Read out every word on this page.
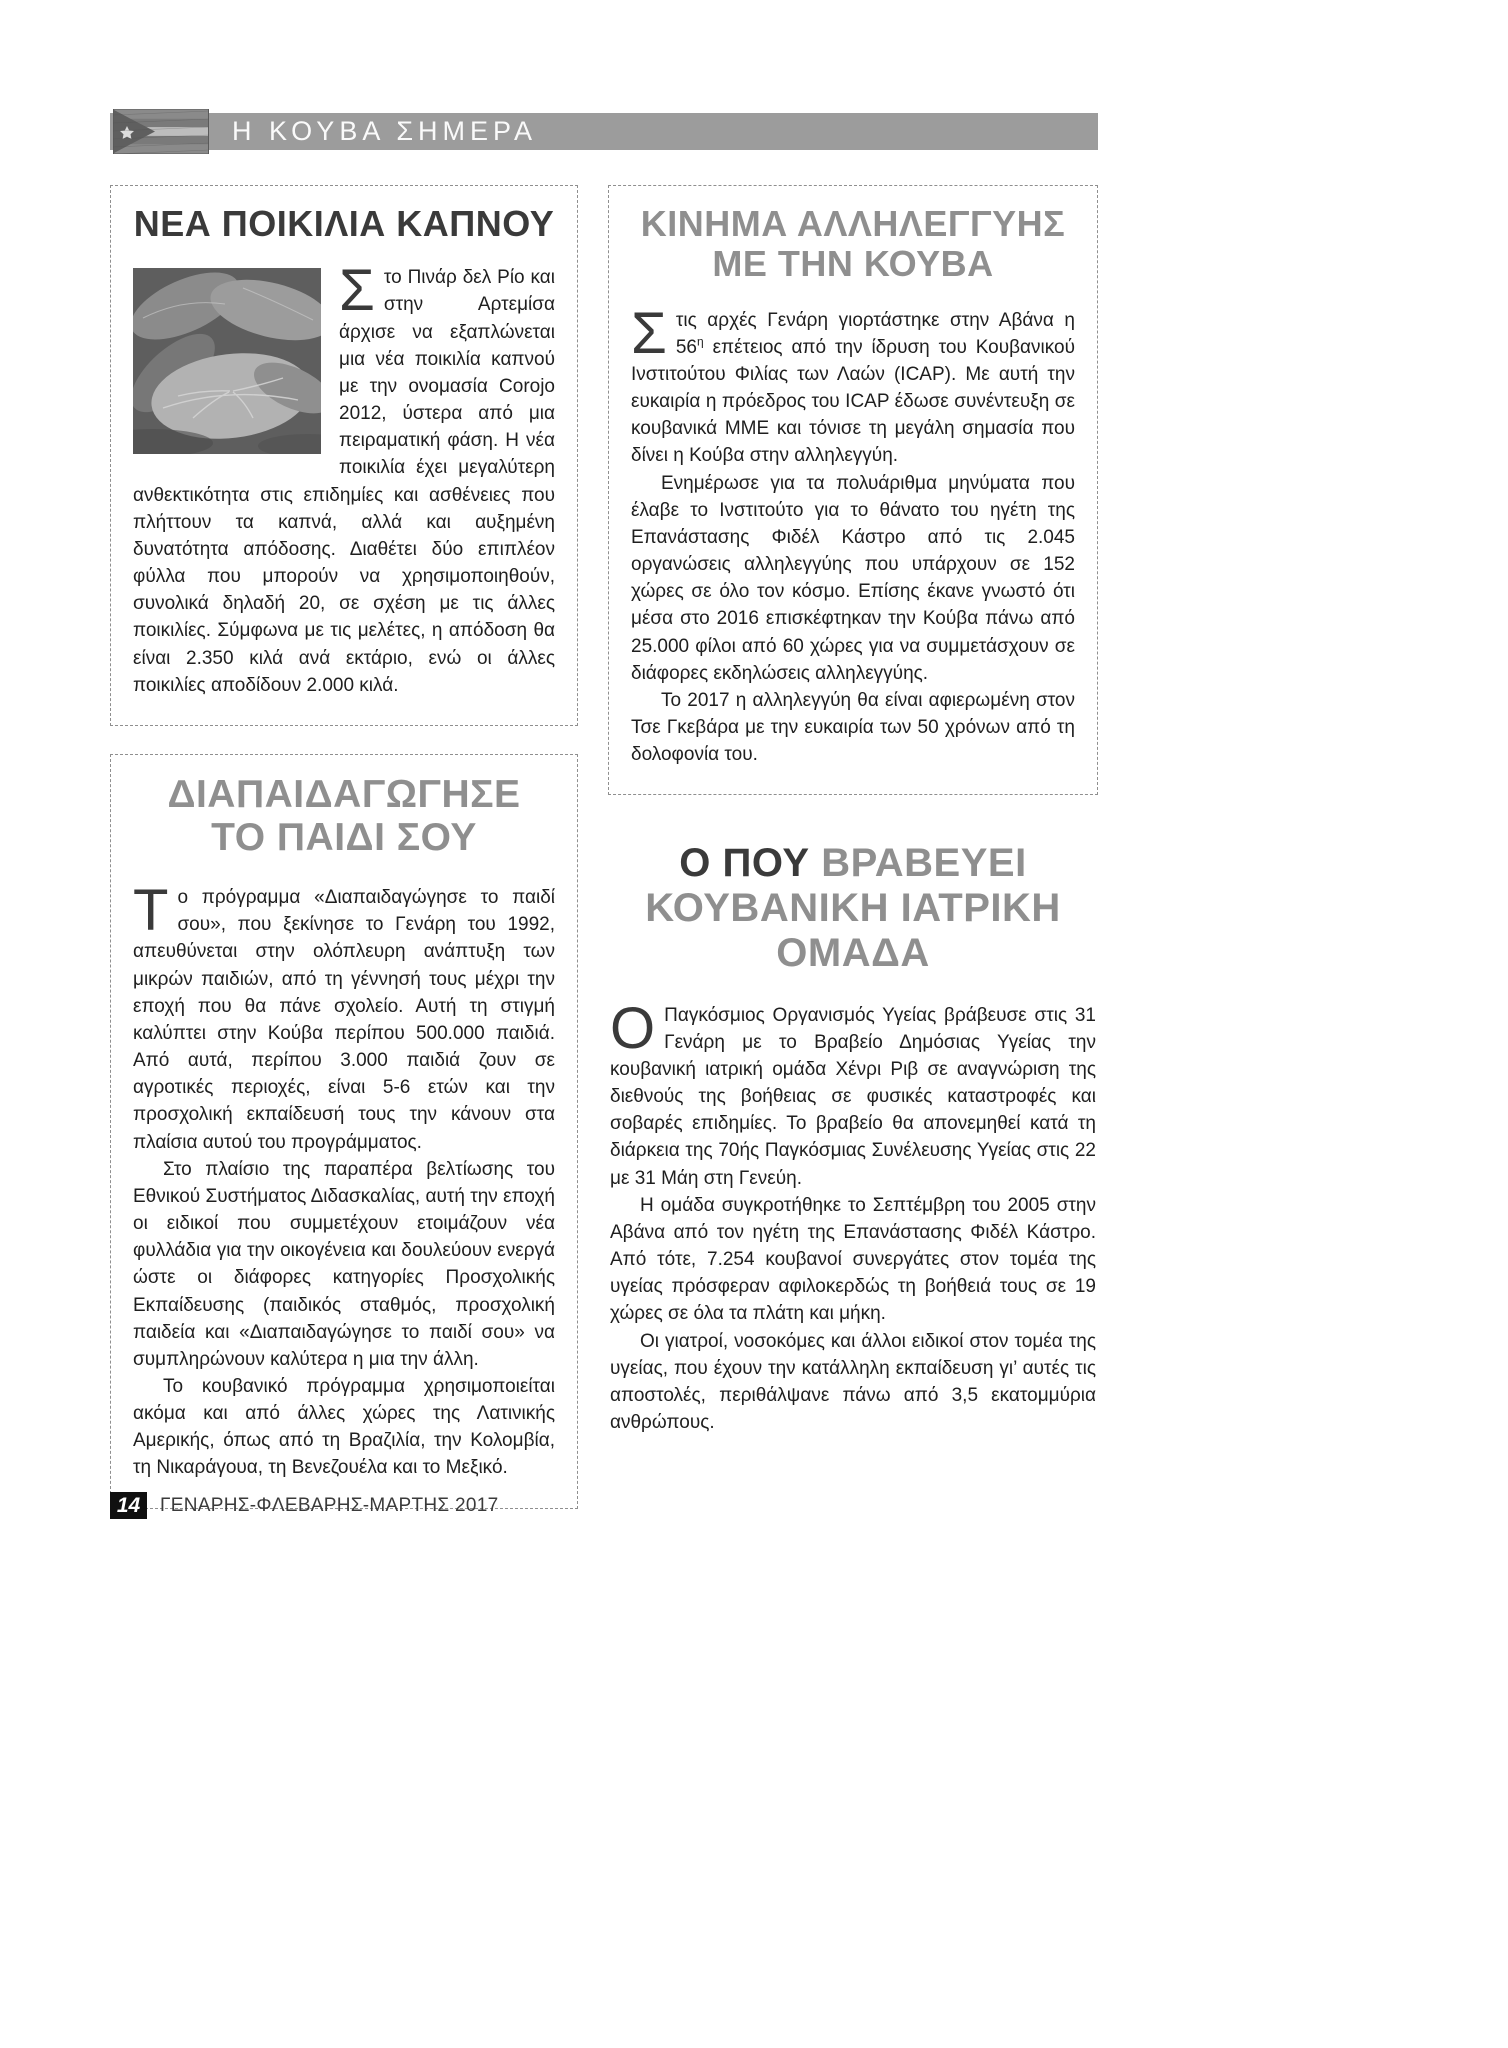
Η ΚΟΥΒΑ ΣΗΜΕΡΑ
ΝΕΑ ΠΟΙΚΙΛΙΑ ΚΑΠΝΟΥ

Στο Πινάρ δελ Ρίο και στην Αρτεμίσα άρχισε να εξαπλώνεται μια νέα ποικιλία καπνού με την ονομασία Corojo 2012, ύστερα από μια πειραματική φάση. Η νέα ποικιλία έχει μεγαλύτερη ανθεκτικότητα στις επιδημίες και ασθένειες που πλήττουν τα καπνά, αλλά και αυξημένη δυνατότητα απόδοσης. Διαθέτει δύο επιπλέον φύλλα που μπορούν να χρησιμοποιηθούν, συνολικά δηλαδή 20, σε σχέση με τις άλλες ποικιλίες. Σύμφωνα με τις μελέτες, η απόδοση θα είναι 2.350 κιλά ανά εκτάριο, ενώ οι άλλες ποικιλίες αποδίδουν 2.000 κιλά.

ΔΙΑΠΑΙΔΑΓΩΓΗΣΕ
ΤΟ ΠΑΙΔΙ ΣΟΥ

Το πρόγραμμα «Διαπαιδαγώγησε το παιδί σου», που ξεκίνησε το Γενάρη του 1992, απευθύνεται στην ολόπλευρη ανάπτυξη των μικρών παιδιών, από τη γέννησή τους μέχρι την εποχή που θα πάνε σχολείο. Αυτή τη στιγμή καλύπτει στην Κούβα περίπου 500.000 παιδιά. Από αυτά, περίπου 3.000 παιδιά ζουν σε αγροτικές περιοχές, είναι 5-6 ετών και την προσχολική εκπαίδευσή τους την κάνουν στα πλαίσια αυτού του προγράμματος.

Στο πλαίσιο της παραπέρα βελτίωσης του Εθνικού Συστήματος Διδασκαλίας, αυτή την εποχή οι ειδικοί που συμμετέχουν ετοιμάζουν νέα φυλλάδια για την οικογένεια και δουλεύουν ενεργά ώστε οι διάφορες κατηγορίες Προσχολικής Εκπαίδευσης (παιδικός σταθμός, προσχολική παιδεία και «Διαπαιδαγώγησε το παιδί σου» να συμπληρώνουν καλύτερα η μια την άλλη.

Το κουβανικό πρόγραμμα χρησιμοποιείται ακόμα και από άλλες χώρες της Λατινικής Αμερικής, όπως από τη Βραζιλία, την Κολομβία, τη Νικαράγουα, τη Βενεζουέλα και το Μεξικό.

ΚΙΝΗΜΑ ΑΛΛΗΛΕΓΓΥΗΣ
ΜΕ ΤΗΝ ΚΟΥΒΑ

Στις αρχές Γενάρη γιορτάστηκε στην Αβάνα η 56$^\eta$ επέτειος από την ίδρυση του Κουβανικού Ινστιτούτου Φιλίας των Λαών (ICAP). Με αυτή την ευκαιρία η πρόεδρος του ICAP έδωσε συνέντευξη σε κουβανικά ΜΜΕ και τόνισε τη μεγάλη σημασία που δίνει η Κούβα στην αλληλεγγύη.

Ενημέρωσε για τα πολυάριθμα μηνύματα που έλαβε το Ινστιτούτο για το θάνατο του ηγέτη της Επανάστασης Φιδέλ Κάστρο από τις 2.045 οργανώσεις αλληλεγγύης που υπάρχουν σε 152 χώρες σε όλο τον κόσμο. Επίσης έκανε γνωστό ότι μέσα στο 2016 επισκέφτηκαν την Κούβα πάνω από 25.000 φίλοι από 60 χώρες για να συμμετάσχουν σε διάφορες εκδηλώσεις αλληλεγγύης.

Το 2017 η αλληλεγγύη θα είναι αφιερωμένη στον Τσε Γκεβάρα με την ευκαιρία των 50 χρόνων από τη δολοφονία του.

Ο ΠΟΥ ΒΡΑΒΕΥΕΙ ΚΟΥΒΑΝΙΚΗ ΙΑΤΡΙΚΗ ΟΜΑΔΑ

Ο Παγκόσμιος Οργανισμός Υγείας βράβευσε στις 31 Γενάρη με το Βραβείο Δημόσιας Υγείας την κουβανική ιατρική ομάδα Χένρι Ριβ σε αναγνώριση της διεθνούς της βοήθειας σε φυσικές καταστροφές και σοβαρές επιδημίες. Το βραβείο θα απονεμηθεί κατά τη διάρκεια της 70ής Παγκόσμιας Συνέλευσης Υγείας στις 22 με 31 Μάη στη Γενεύη.

Η ομάδα συγκροτήθηκε το Σεπτέμβρη του 2005 στην Αβάνα από τον ηγέτη της Επανάστασης Φιδέλ Κάστρο. Από τότε, 7.254 κουβανοί συνεργάτες στον τομέα της υγείας πρόσφεραν αφιλοκερδώς τη βοήθειά τους σε 19 χώρες σε όλα τα πλάτη και μήκη.

Οι γιατροί, νοσοκόμες και άλλοι ειδικοί στον τομέα της υγείας, που έχουν την κατάλληλη εκπαίδευση γι’ αυτές τις αποστολές, περιθάλψανε πάνω από 3,5 εκατομμύρια ανθρώπους.

14	ΓΕΝΑΡΗΣ-ΦΛΕΒΑΡΗΣ-ΜΑΡΤΗΣ 2017
